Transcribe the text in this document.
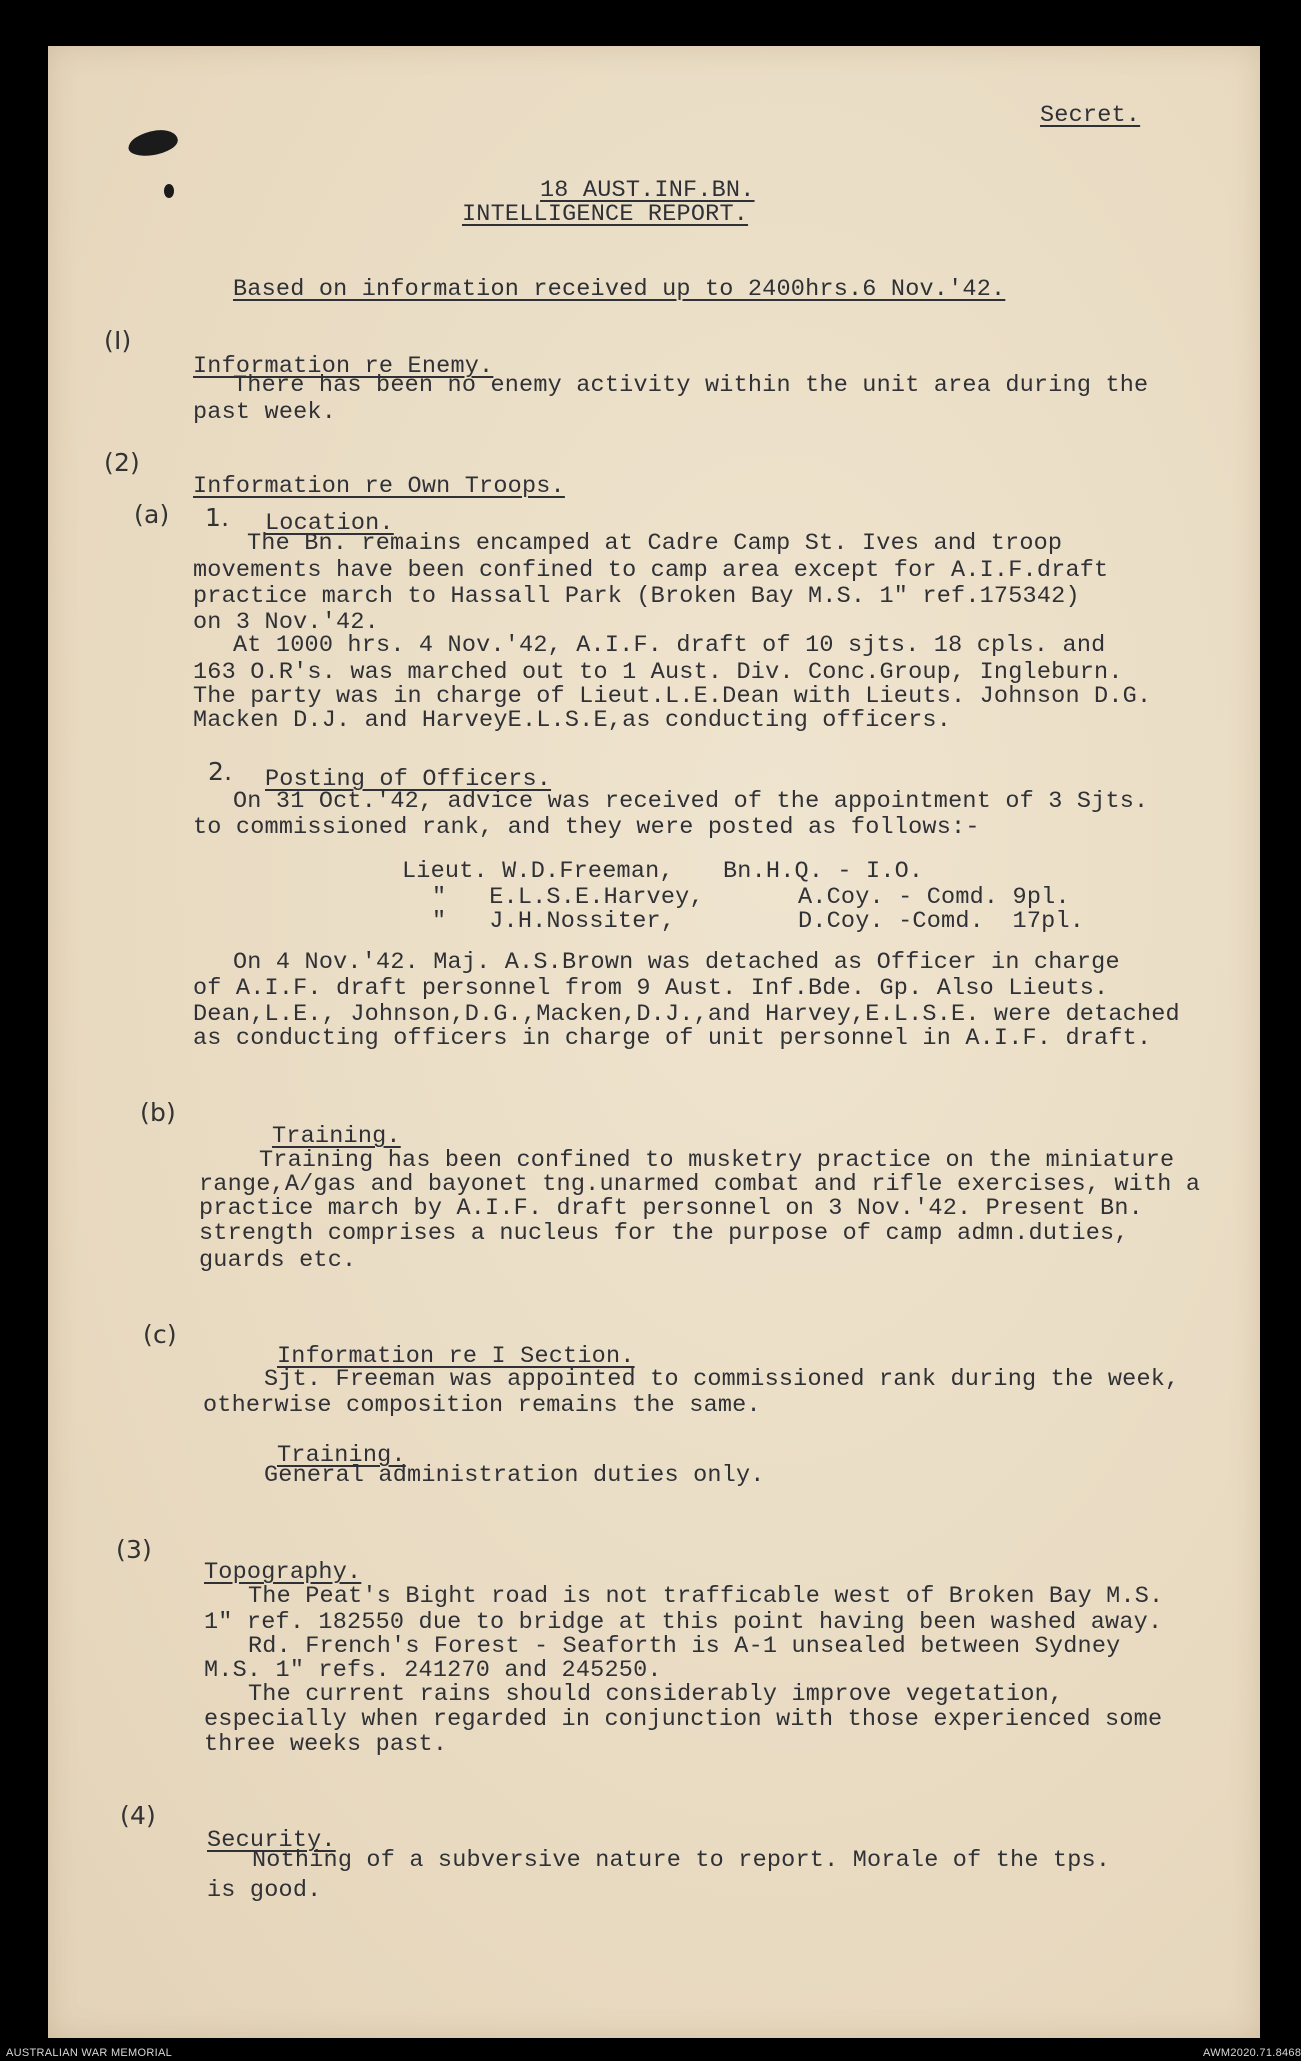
Secret.
18 AUST.INF.BN.
INTELLIGENCE REPORT.
Based on information received up to 2400hrs.6 Nov.'42.
(I)
Information re Enemy.
There has been no enemy activity within the unit area during the
past week.
(2)
Information re Own Troops.
(a) 1. Location.
The Bn. remains encamped at Cadre Camp St. Ives and troop
movements have been confined to camp area except for A.I.F.draft
practice march to Hassall Park (Broken Bay M.S. 1" ref.175342)
on 3 Nov.'42.
At 1000 hrs. 4 Nov.'42, A.I.F. draft of 10 sjts. 18 cpls. and
163 O.R's. was marched out to 1 Aust. Div. Conc.Group, Ingleburn.
The party was in charge of Lieut.L.E.Dean with Lieuts. Johnson D.G.
Macken D.J. and HarveyE.L.S.E,as conducting officers.
2. Posting of Officers.
On 31 Oct.'42, advice was received of the appointment of 3 Sjts.
to commissioned rank, and they were posted as follows:-
Lieut. W.D.Freeman, Bn.H.Q. - I.O.
"   E.L.S.E.Harvey,	A.Coy. - Comd. 9pl.
"   J.H.Nossiter,	D.Coy. -Comd.  17pl.
On 4 Nov.'42. Maj. A.S.Brown was detached as Officer in charge
of A.I.F. draft personnel from 9 Aust. Inf.Bde. Gp. Also Lieuts.
Dean,L.E., Johnson,D.G.,Macken,D.J.,and Harvey,E.L.S.E. were detached
as conducting officers in charge of unit personnel in A.I.F. draft.
(b)
Training.
Training has been confined to musketry practice on the miniature
range,A/gas and bayonet tng.unarmed combat and rifle exercises, with a
practice march by A.I.F. draft personnel on 3 Nov.'42. Present Bn.
strength comprises a nucleus for the purpose of camp admn.duties,
guards etc.
(c)
Information re I Section.
Sjt. Freeman was appointed to commissioned rank during the week,
otherwise composition remains the same.
Training.
General administration duties only.
(3)
Topography.
The Peat's Bight road is not trafficable west of Broken Bay M.S.
1" ref. 182550 due to bridge at this point having been washed away.
Rd. French's Forest - Seaforth is A-1 unsealed between Sydney
M.S. 1" refs. 241270 and 245250.
The current rains should considerably improve vegetation,
especially when regarded in conjunction with those experienced some
three weeks past.
(4)
Security.
Nothing of a subversive nature to report. Morale of the tps.
is good.
AUSTRALIAN WAR MEMORIAL	AWM2020.71.8468
